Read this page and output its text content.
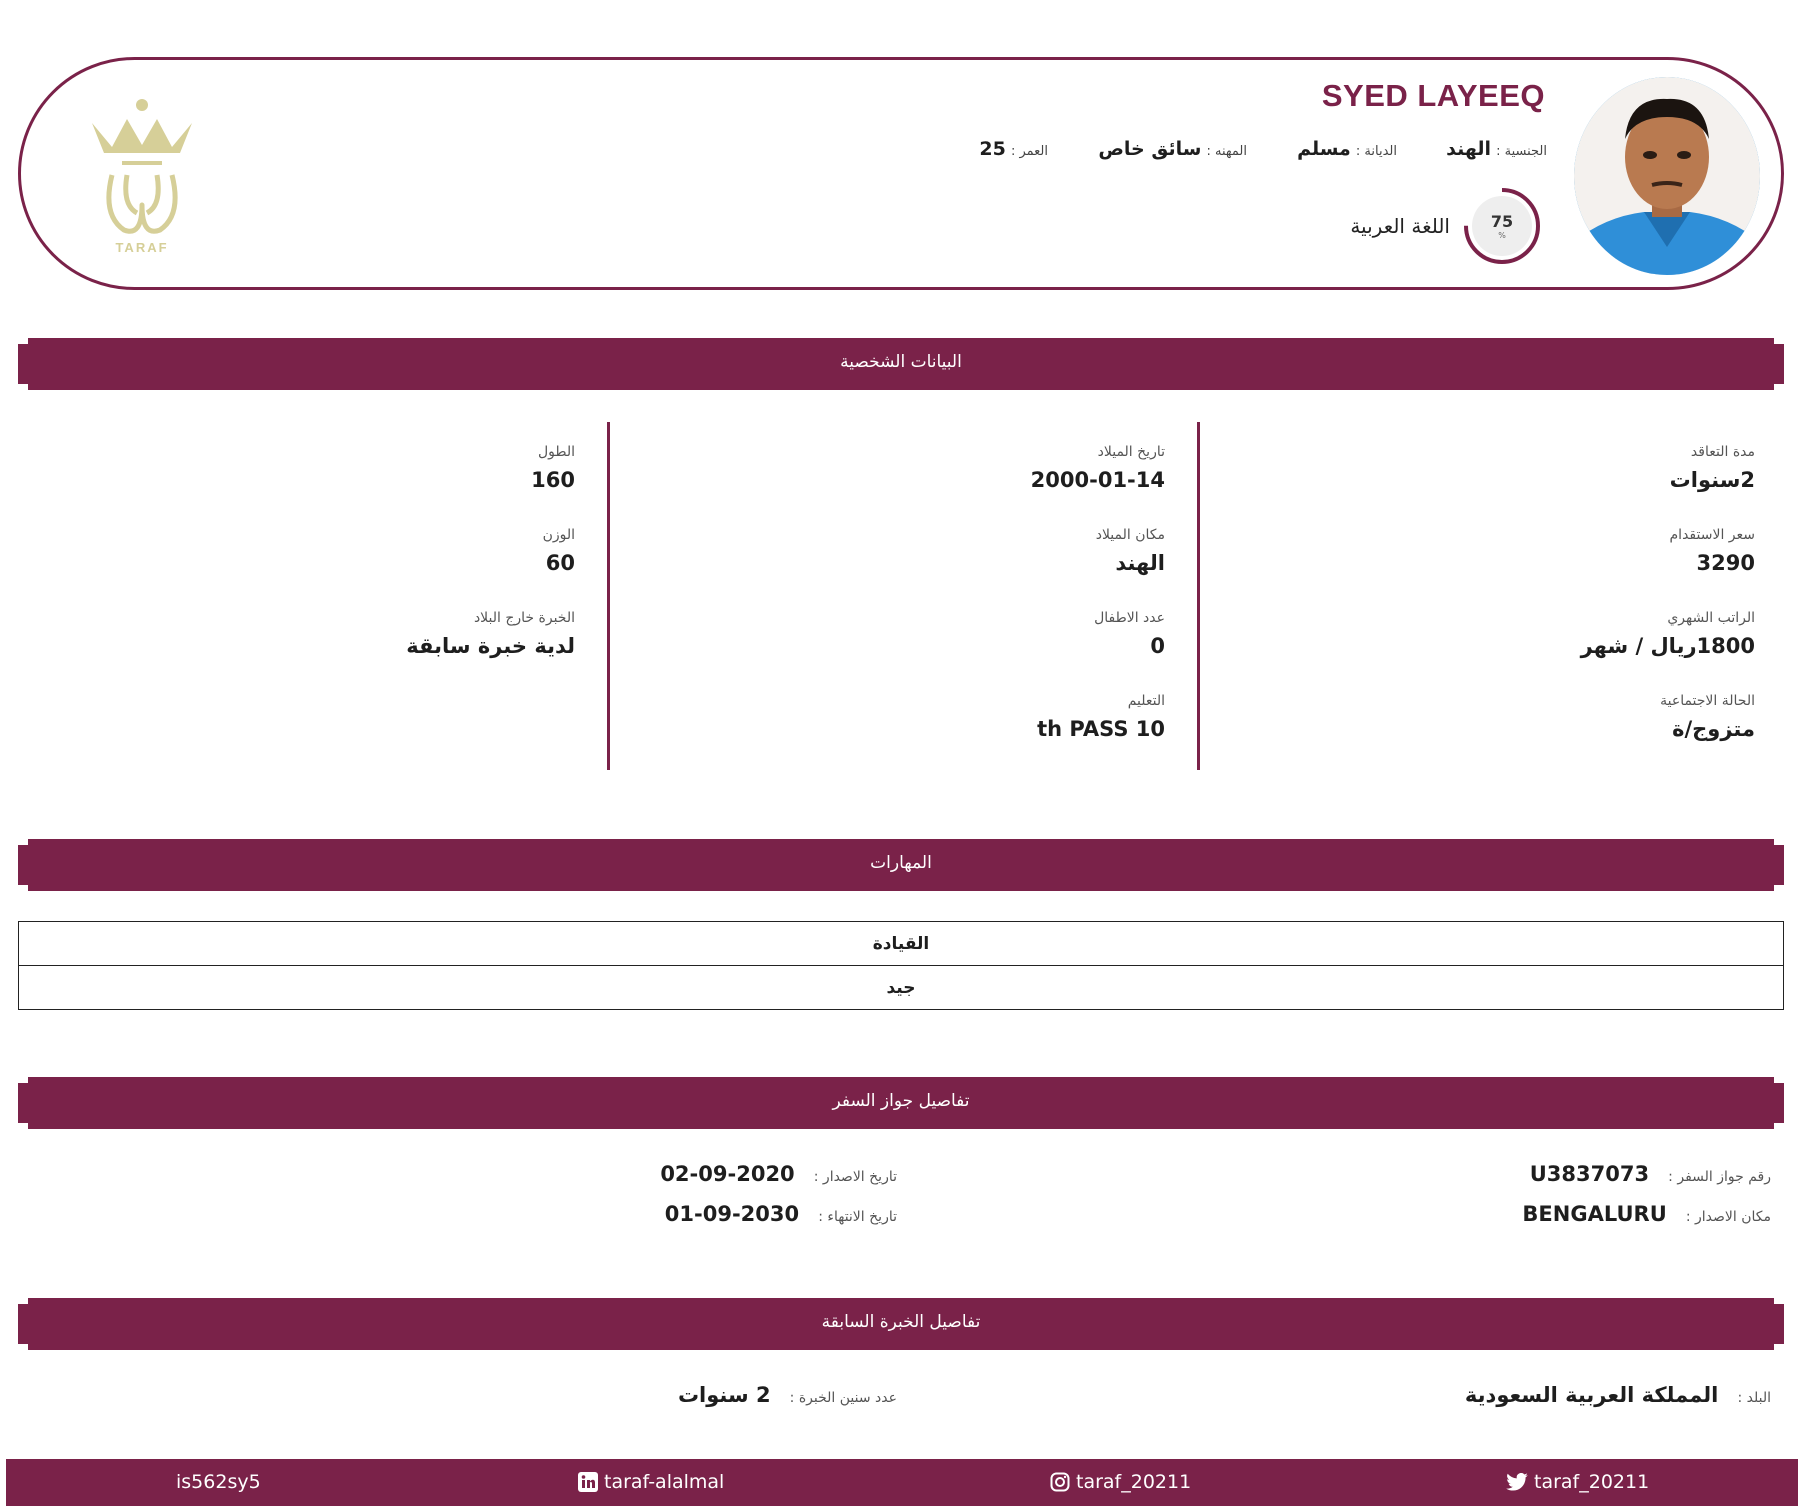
TARAF
SYED LAYEEQ
الجنسية : الهند
الديانة : مسلم
المهنه : سائق خاص
العمر : 25
75
%
اللغة العربية
البيانات الشخصية
مدة التعاقد
2سنوات
سعر الاستقدام
3290
الراتب الشهري
1800ريال / شهر
الحالة الاجتماعية
متزوج/ة
تاريخ الميلاد
2000-01-14
مكان الميلاد
الهند
عدد الاطفال
0
التعليم
10 th PASS
الطول
160
الوزن
60
الخبرة خارج البلاد
لدية خبرة سابقة
المهارات
القيادة
جيد
تفاصيل جواز السفر
رقم جواز السفر : U3837073
مكان الاصدار : BENGALURU
تاريخ الاصدار : 2020-09-02
تاريخ الانتهاء : 2030-09-01
تفاصيل الخبرة السابقة
البلد : المملكة العربية السعودية
عدد سنين الخبرة : 2 سنوات
is562sy5	taraf-alalmal	taraf_20211	taraf_20211
